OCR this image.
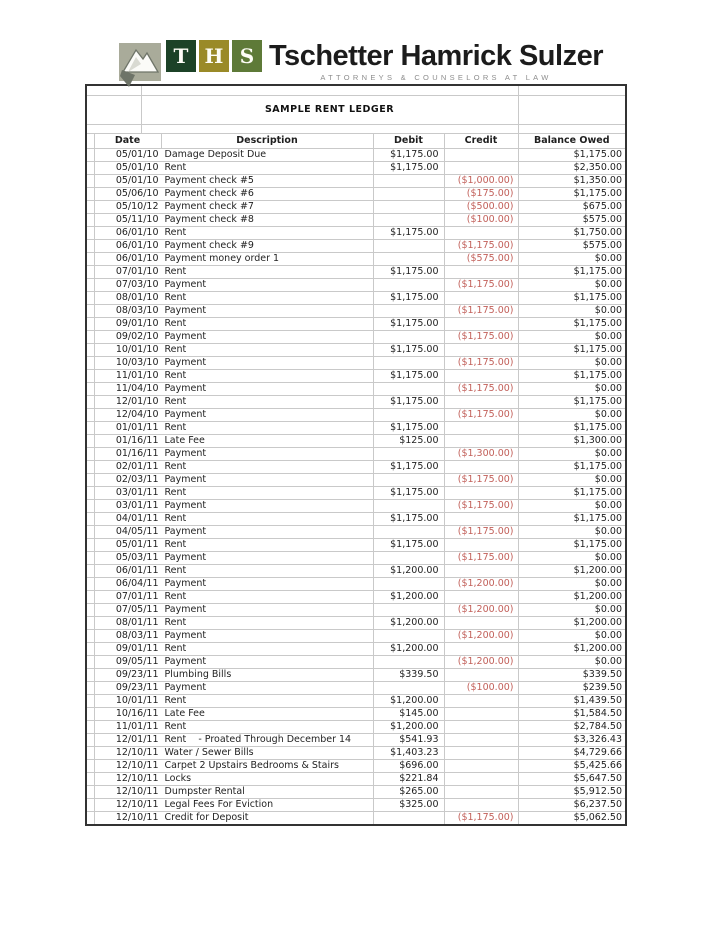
T H S Tschetter Hamrick Sulzer
ATTORNEYS & COUNSELORS AT LAW

		SAMPLE RENT LEDGER				

	Date		Description	Debit	Credit	Balance Owed
	05/01/10		Damage Deposit Due	$1,175.00		$1,175.00
	05/01/10		Rent	$1,175.00		$2,350.00
	05/01/10		Payment check #5		($1,000.00)	$1,350.00
	05/06/10		Payment check #6		($175.00)	$1,175.00
	05/10/12		Payment check #7		($500.00)	$675.00
	05/11/10		Payment check #8		($100.00)	$575.00
	06/01/10		Rent	$1,175.00		$1,750.00
	06/01/10		Payment check #9		($1,175.00)	$575.00
	06/01/10		Payment money order 1		($575.00)	$0.00
	07/01/10		Rent	$1,175.00		$1,175.00
	07/03/10		Payment		($1,175.00)	$0.00
	08/01/10		Rent	$1,175.00		$1,175.00
	08/03/10		Payment		($1,175.00)	$0.00
	09/01/10		Rent	$1,175.00		$1,175.00
	09/02/10		Payment		($1,175.00)	$0.00
	10/01/10		Rent	$1,175.00		$1,175.00
	10/03/10		Payment		($1,175.00)	$0.00
	11/01/10		Rent	$1,175.00		$1,175.00
	11/04/10		Payment		($1,175.00)	$0.00
	12/01/10		Rent	$1,175.00		$1,175.00
	12/04/10		Payment		($1,175.00)	$0.00
	01/01/11		Rent	$1,175.00		$1,175.00
	01/16/11		Late Fee	$125.00		$1,300.00
	01/16/11		Payment		($1,300.00)	$0.00
	02/01/11		Rent	$1,175.00		$1,175.00
	02/03/11		Payment		($1,175.00)	$0.00
	03/01/11		Rent	$1,175.00		$1,175.00
	03/01/11		Payment		($1,175.00)	$0.00
	04/01/11		Rent	$1,175.00		$1,175.00
	04/05/11		Payment		($1,175.00)	$0.00
	05/01/11		Rent	$1,175.00		$1,175.00
	05/03/11		Payment		($1,175.00)	$0.00
	06/01/11		Rent	$1,200.00		$1,200.00
	06/04/11		Payment		($1,200.00)	$0.00
	07/01/11		Rent	$1,200.00		$1,200.00
	07/05/11		Payment		($1,200.00)	$0.00
	08/01/11		Rent	$1,200.00		$1,200.00
	08/03/11		Payment		($1,200.00)	$0.00
	09/01/11		Rent	$1,200.00		$1,200.00
	09/05/11		Payment		($1,200.00)	$0.00
	09/23/11		Plumbing Bills	$339.50		$339.50
	09/23/11		Payment		($100.00)	$239.50
	10/01/11		Rent	$1,200.00		$1,439.50
	10/16/11		Late Fee	$145.00		$1,584.50
	11/01/11		Rent	$1,200.00		$2,784.50
	12/01/11		Rent    - Proated Through December 14	$541.93		$3,326.43
	12/10/11		Water / Sewer Bills	$1,403.23		$4,729.66
	12/10/11		Carpet 2 Upstairs Bedrooms & Stairs	$696.00		$5,425.66
	12/10/11		Locks	$221.84		$5,647.50
	12/10/11		Dumpster Rental	$265.00		$5,912.50
	12/10/11		Legal Fees For Eviction	$325.00		$6,237.50
	12/10/11		Credit for Deposit		($1,175.00)	$5,062.50
